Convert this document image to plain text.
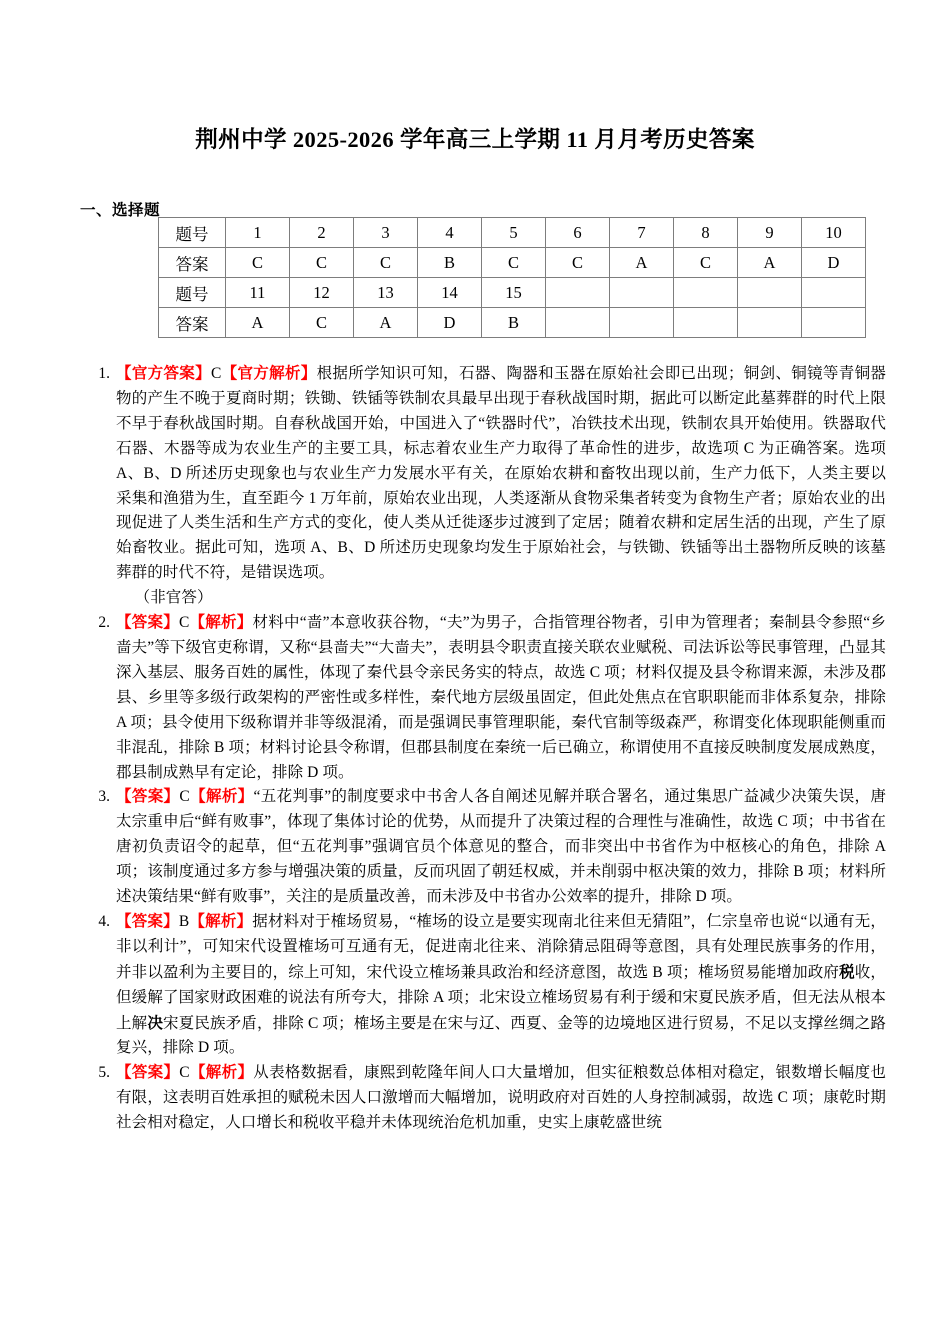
荆州中学 2025-2026 学年高三上学期 11 月月考历史答案
一、选择题
题号	1	2	3	4	5	6	7	8	9	10
答案	C	C	C	B	C	C	A	C	A	D
题号	11	12	13	14	15					
答案	A	C	A	D	B					
1. 【官方答案】C【官方解析】根据所学知识可知，石器、陶器和玉器在原始社会即已出现；铜剑、铜镜等青铜器物的产生不晚于夏商时期；铁锄、铁锸等铁制农具最早出现于春秋战国时期，据此可以断定此墓葬群的时代上限不早于春秋战国时期。自春秋战国开始，中国进入了“铁器时代”，冶铁技术出现，铁制农具开始使用。铁器取代石器、木器等成为农业生产的主要工具，标志着农业生产力取得了革命性的进步，故选项 C 为正确答案。选项 A、B、D 所述历史现象也与农业生产力发展水平有关，在原始农耕和畜牧出现以前，生产力低下，人类主要以采集和渔猎为生，直至距今 1 万年前，原始农业出现，人类逐渐从食物采集者转变为食物生产者；原始农业的出现促进了人类生活和生产方式的变化，使人类从迁徙逐步过渡到了定居；随着农耕和定居生活的出现，产生了原始畜牧业。据此可知，选项 A、B、D 所述历史现象均发生于原始社会，与铁锄、铁锸等出土器物所反映的该墓葬群的时代不符，是错误选项。
（非官答）
2. 【答案】C【解析】材料中“啬”本意收获谷物，“夫”为男子，合指管理谷物者，引申为管理者；秦制县令参照“乡啬夫”等下级官吏称谓，又称“县啬夫”“大啬夫”，表明县令职责直接关联农业赋税、司法诉讼等民事管理，凸显其深入基层、服务百姓的属性，体现了秦代县令亲民务实的特点，故选 C 项；材料仅提及县令称谓来源，未涉及郡县、乡里等多级行政架构的严密性或多样性，秦代地方层级虽固定，但此处焦点在官职职能而非体系复杂，排除 A 项；县令使用下级称谓并非等级混淆，而是强调民事管理职能，秦代官制等级森严，称谓变化体现职能侧重而非混乱，排除 B 项；材料讨论县令称谓，但郡县制度在秦统一后已确立，称谓使用不直接反映制度发展成熟度，郡县制成熟早有定论，排除 D 项。
3. 【答案】C【解析】“五花判事”的制度要求中书舍人各自阐述见解并联合署名，通过集思广益减少决策失误，唐太宗重申后“鲜有败事”，体现了集体讨论的优势，从而提升了决策过程的合理性与准确性，故选 C 项；中书省在唐初负责诏令的起草，但“五花判事”强调官员个体意见的整合，而非突出中书省作为中枢核心的角色，排除 A 项；该制度通过多方参与增强决策的质量，反而巩固了朝廷权威，并未削弱中枢决策的效力，排除 B 项；材料所述决策结果“鲜有败事”，关注的是质量改善，而未涉及中书省办公效率的提升，排除 D 项。
4. 【答案】B【解析】据材料对于榷场贸易，“榷场的设立是要实现南北往来但无猜阻”，仁宗皇帝也说“以通有无，非以利计”，可知宋代设置榷场可互通有无，促进南北往来、消除猜忌阻碍等意图，具有处理民族事务的作用，并非以盈利为主要目的，综上可知，宋代设立榷场兼具政治和经济意图，故选 B 项；榷场贸易能增加政府税收，但缓解了国家财政困难的说法有所夸大，排除 A 项；北宋设立榷场贸易有利于缓和宋夏民族矛盾，但无法从根本上解决宋夏民族矛盾，排除 C 项；榷场主要是在宋与辽、西夏、金等的边境地区进行贸易，不足以支撑丝绸之路复兴，排除 D 项。
5. 【答案】C【解析】从表格数据看，康熙到乾隆年间人口大量增加，但实征粮数总体相对稳定，银数增长幅度也有限，这表明百姓承担的赋税未因人口激增而大幅增加，说明政府对百姓的人身控制减弱，故选 C 项；康乾时期社会相对稳定，人口增长和税收平稳并未体现统治危机加重，史实上康乾盛世统
